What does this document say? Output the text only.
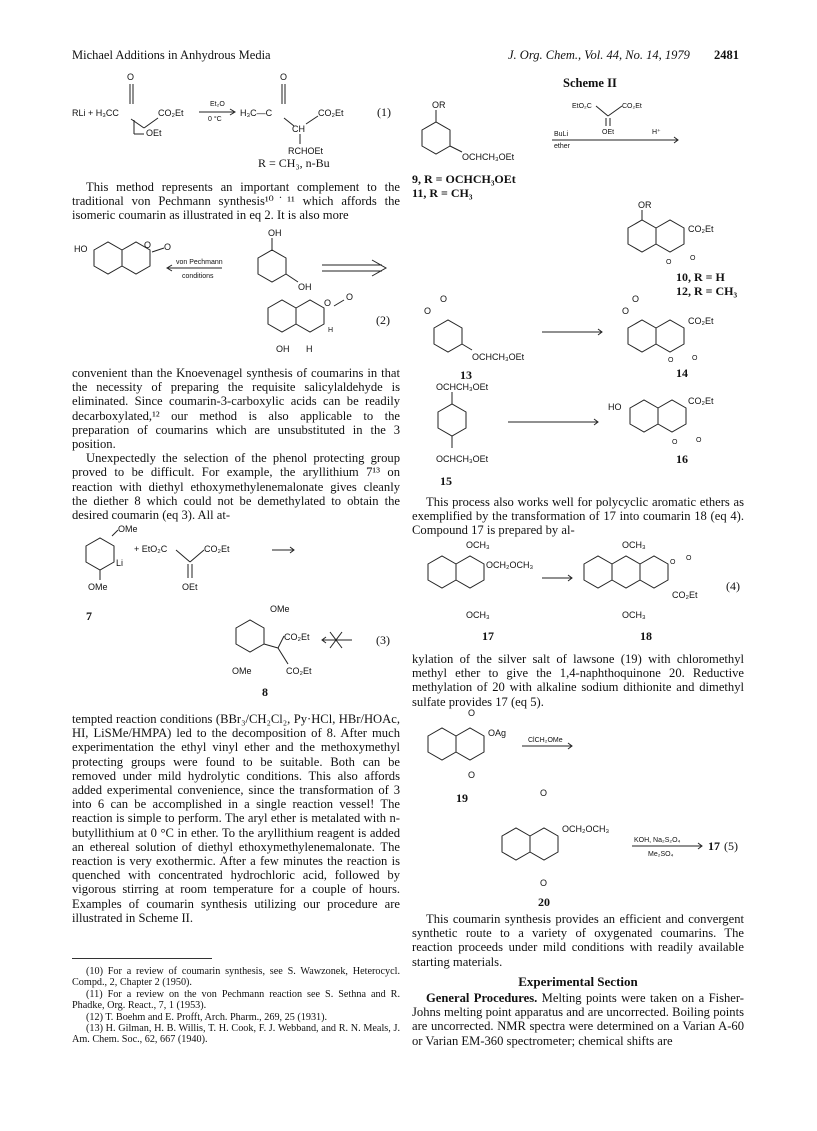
Michael Additions in Anhydrous Media	J. Org. Chem., Vol. 44, No. 14, 1979 2481
RLi + H₃CC
O
OEt
CO₂Et
Et₂O
0 °C
H₃C—C
O
CH
CO₂Et
RCHOEt
(1)
R = CH₃, n-Bu

This method represents an important complement to the traditional von Pechmann synthesis¹⁰˙¹¹ which affords the isomeric coumarin as illustrated in eq 2. It is also more

HO	O O
von Pechmann
conditions
OH
OH
O
O
H
OH H
(2)

convenient than the Knoevenagel synthesis of coumarins in that the necessity of preparing the requisite salicylaldehyde is eliminated. Since coumarin-3-carboxylic acids can be readily decarboxylated,¹² our method is also applicable to the preparation of coumarins which are unsubstituted in the 3 position.

Unexpectedly the selection of the phenol protecting group proved to be difficult. For example, the aryllithium 7¹³ on reaction with diethyl ethoxymethylenemalonate gives cleanly the diether 8 which could not be demethylated to obtain the desired coumarin (eq 3). All at-

OMe
Li
OMe
+ EtO₂C	CO₂Et
OEt
OMe
CO₂Et
CO₂Et
OMe
(3)
7
8

tempted reaction conditions (BBr₃/CH₂Cl₂, Py·HCl, HBr/HOAc, HI, LiSMe/HMPA) led to the decomposition of 8. After much experimentation the ethyl vinyl ether and the methoxymethyl protecting groups were found to be suitable. Both can be removed under mild hydrolytic conditions. This also affords added experimental convenience, since the transformation of 3 into 6 can be accomplished in a single reaction vessel! The reaction is simple to perform. The aryl ether is metalated with n-butyllithium at 0 °C in ether. To the aryllithium reagent is added an ethereal solution of diethyl ethoxymethylenemalonate. The reaction is very exothermic. After a few minutes the reaction is quenched with concentrated hydrochloric acid, followed by vigorous stirring at room temperature for a couple of hours. Examples of coumarin synthesis utilizing our procedure are illustrated in Scheme II.

(10) For a review of coumarin synthesis, see S. Wawzonek, Heterocycl. Compd., 2, Chapter 2 (1950).

(11) For a review on the von Pechmann reaction see S. Sethna and R. Phadke, Org. React., 7, 1 (1953).

(12) T. Boehm and E. Profft, Arch. Pharm., 269, 25 (1931).

(13) H. Gilman, H. B. Willis, T. H. Cook, F. J. Webband, and R. N. Meals, J. Am. Chem. Soc., 62, 667 (1940).

Scheme II
OR
OCHCH₃OEt
EtO₂C	CO₂Et
OEt
BuLi
ether
H⁺
OR
CO₂Et
O
O
O
O
OCHCH₃OEt
O
O
CO₂Et
O	O
OCHCH₃OEt
OCHCH₃OEt
HO
CO₂Et
O	O
9, R = OCHCH₃OEt
11, R = CH₃
10, R = H
12, R = CH₃
13	14
15
16

This process also works well for polycyclic aromatic ethers as exemplified by the transformation of 17 into coumarin 18 (eq 4). Compound 17 is prepared by al-

OCH₃
OCH₂OCH₃
OCH₃
OCH₃
O
O
CO₂Et
OCH₃
(4)
17	18

kylation of the silver salt of lawsone (19) with chloromethyl methyl ether to give the 1,4-naphthoquinone 20. Reductive methylation of 20 with alkaline sodium dithionite and dimethyl sulfate provides 17 (eq 5).

O
OAg
O
ClCH₂OMe
O
OCH₂OCH₃
O
KOH, Na₂S₂O₄
Me₂SO₄
17 (5)
19
20

This coumarin synthesis provides an efficient and convergent synthetic route to a variety of oxygenated coumarins. The reaction proceeds under mild conditions with readily available starting materials.

Experimental Section

General Procedures. Melting points were taken on a Fisher-Johns melting point apparatus and are uncorrected. Boiling points are uncorrected. NMR spectra were determined on a Varian A-60 or Varian EM-360 spectrometer; chemical shifts are
